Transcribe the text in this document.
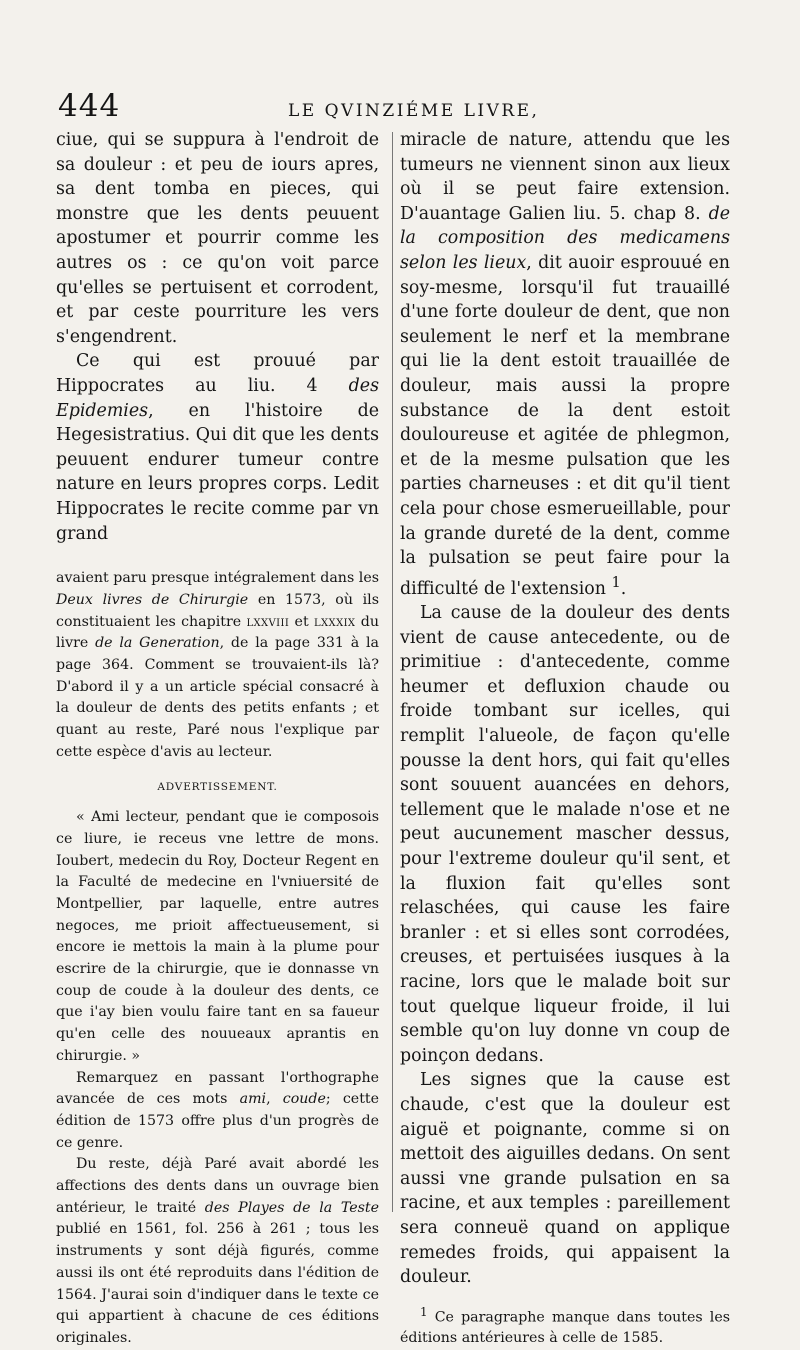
444	LE QVINZIÉME LIVRE,

ciue, qui se suppura à l'endroit de sa douleur : et peu de iours apres, sa dent tomba en pieces, qui monstre que les dents peuuent apostumer et pourrir comme les autres os : ce qu'on voit parce qu'elles se pertuisent et corrodent, et par ceste pourriture les vers s'engendrent.

Ce qui est prouué par Hippocrates au liu. 4 des Epidemies, en l'histoire de Hegesistratius. Qui dit que les dents peuuent endurer tumeur contre nature en leurs propres corps. Ledit Hippocrates le recite comme par vn grand

avaient paru presque intégralement dans les Deux livres de Chirurgie en 1573, où ils constituaient les chapitre lxxviii et lxxxix du livre de la Generation, de la page 331 à la page 364. Comment se trouvaient-ils là? D'abord il y a un article spécial consacré à la douleur de dents des petits enfants ; et quant au reste, Paré nous l'explique par cette espèce d'avis au lecteur.

ADVERTISSEMENT.

« Ami lecteur, pendant que ie composois ce liure, ie receus vne lettre de mons. Ioubert, medecin du Roy, Docteur Regent en la Faculté de medecine en l'vniuersité de Montpellier, par laquelle, entre autres negoces, me prioit affectueusement, si encore ie mettois la main à la plume pour escrire de la chirurgie, que ie donnasse vn coup de coude à la douleur des dents, ce que i'ay bien voulu faire tant en sa faueur qu'en celle des nouueaux aprantis en chirurgie. »

Remarquez en passant l'orthographe avancée de ces mots ami, coude; cette édition de 1573 offre plus d'un progrès de ce genre.

Du reste, déjà Paré avait abordé les affections des dents dans un ouvrage bien antérieur, le traité des Playes de la Teste publié en 1561, fol. 256 à 261 ; tous les instruments y sont déjà figurés, comme aussi ils ont été reproduits dans l'édition de 1564. J'aurai soin d'indiquer dans le texte ce qui appartient à chacune de ces éditions originales.

miracle de nature, attendu que les tumeurs ne viennent sinon aux lieux où il se peut faire extension. D'auantage Galien liu. 5. chap 8. de la composition des medicamens selon les lieux, dit auoir esprouué en soy-mesme, lorsqu'il fut trauaillé d'une forte douleur de dent, que non seulement le nerf et la membrane qui lie la dent estoit trauaillée de douleur, mais aussi la propre substance de la dent estoit douloureuse et agitée de phlegmon, et de la mesme pulsation que les parties charneuses : et dit qu'il tient cela pour chose esmerueillable, pour la grande dureté de la dent, comme la pulsation se peut faire pour la difficulté de l'extension $^1$.

La cause de la douleur des dents vient de cause antecedente, ou de primitiue : d'antecedente, comme heumer et defluxion chaude ou froide tombant sur icelles, qui remplit l'alueole, de façon qu'elle pousse la dent hors, qui fait qu'elles sont souuent auancées en dehors, tellement que le malade n'ose et ne peut aucunement mascher dessus, pour l'extreme douleur qu'il sent, et la fluxion fait qu'elles sont relaschées, qui cause les faire branler : et si elles sont corrodées, creuses, et pertuisées iusques à la racine, lors que le malade boit sur tout quelque liqueur froide, il lui semble qu'on luy donne vn coup de poinçon dedans.

Les signes que la cause est chaude, c'est que la douleur est aiguë et poignante, comme si on mettoit des aiguilles dedans. On sent aussi vne grande pulsation en sa racine, et aux temples : pareillement sera conneuë quand on applique remedes froids, qui appaisent la douleur.

$^1$ Ce paragraphe manque dans toutes les éditions antérieures à celle de 1585.
